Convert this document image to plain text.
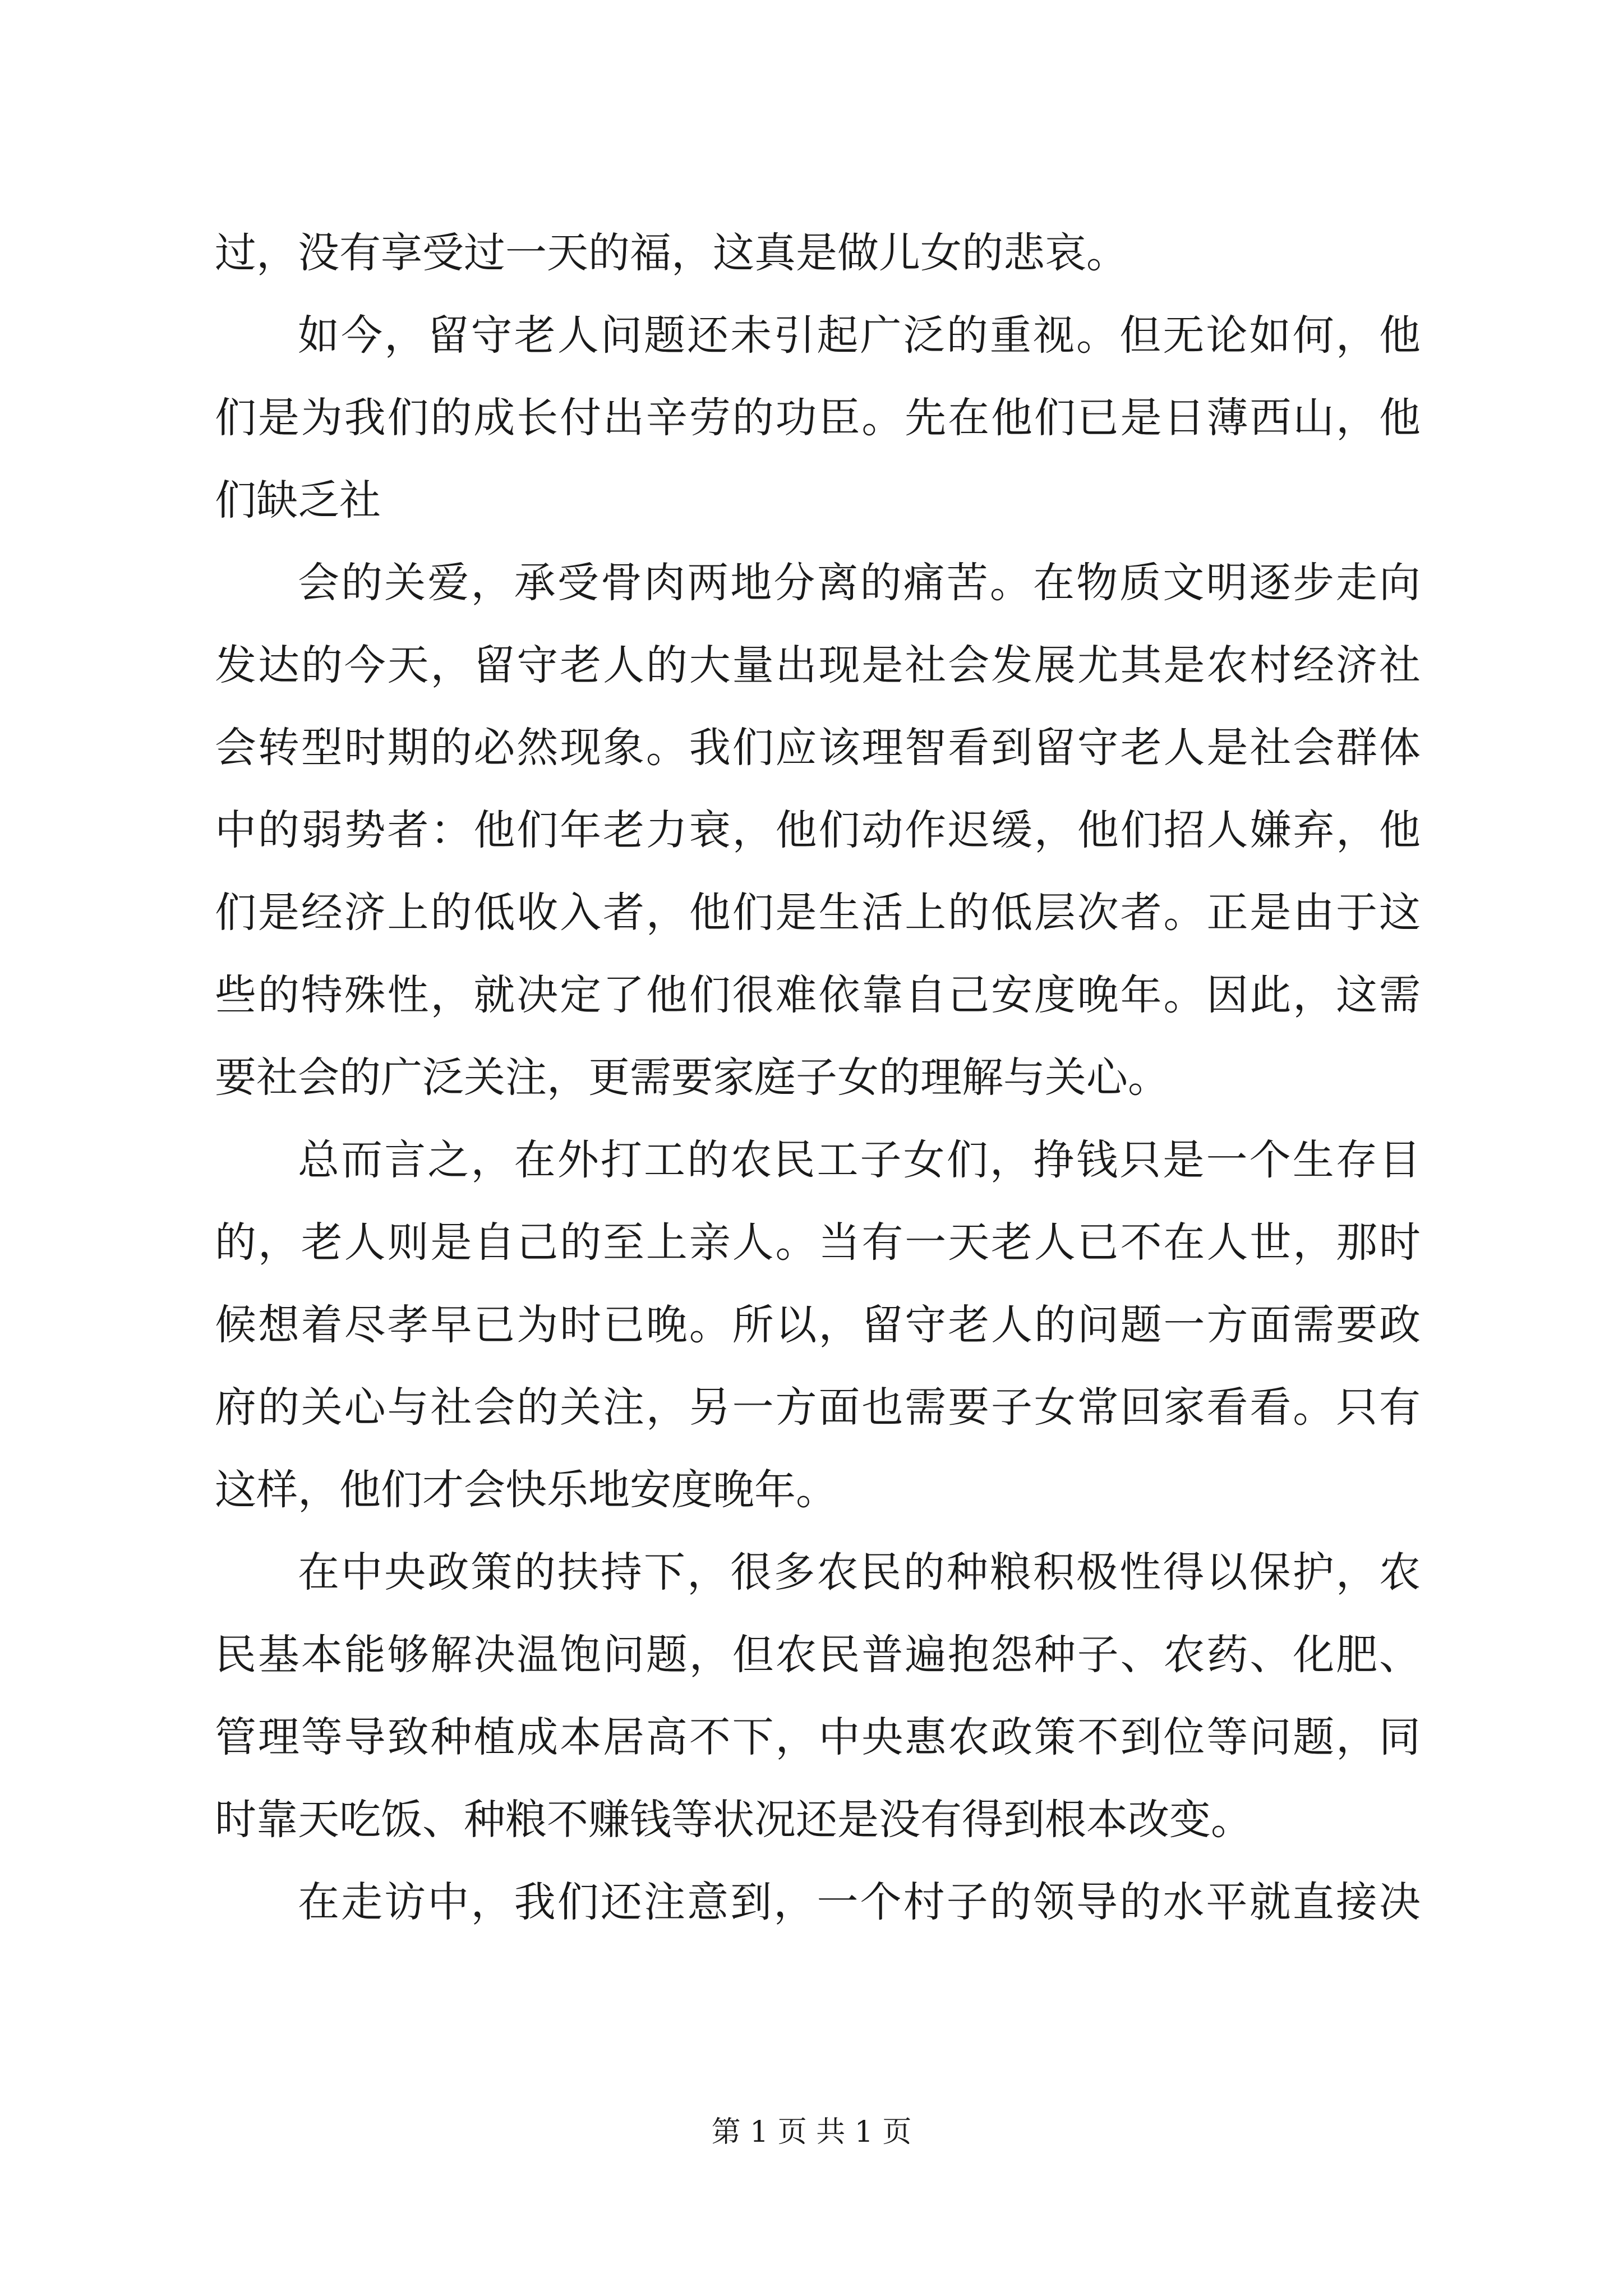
过，没有享受过一天的福，这真是做儿女的悲哀。
如今，留守老人问题还未引起广泛的重视。但无论如何，他
们是为我们的成长付出辛劳的功臣。先在他们已是日薄西山，他
们缺乏社
会的关爱，承受骨肉两地分离的痛苦。在物质文明逐步走向
发达的今天，留守老人的大量出现是社会发展尤其是农村经济社
会转型时期的必然现象。我们应该理智看到留守老人是社会群体
中的弱势者：他们年老力衰，他们动作迟缓，他们招人嫌弃，他
们是经济上的低收入者，他们是生活上的低层次者。正是由于这
些的特殊性，就决定了他们很难依靠自己安度晚年。因此，这需
要社会的广泛关注，更需要家庭子女的理解与关心。
总而言之，在外打工的农民工子女们，挣钱只是一个生存目
的，老人则是自己的至上亲人。当有一天老人已不在人世，那时
候想着尽孝早已为时已晚。所以，留守老人的问题一方面需要政
府的关心与社会的关注，另一方面也需要子女常回家看看。只有
这样，他们才会快乐地安度晚年。
在中央政策的扶持下，很多农民的种粮积极性得以保护，农
民基本能够解决温饱问题，但农民普遍抱怨种子、农药、化肥、
管理等导致种植成本居高不下，中央惠农政策不到位等问题，同
时靠天吃饭、种粮不赚钱等状况还是没有得到根本改变。
在走访中，我们还注意到，一个村子的领导的水平就直接决
第 1 页 共 1 页
